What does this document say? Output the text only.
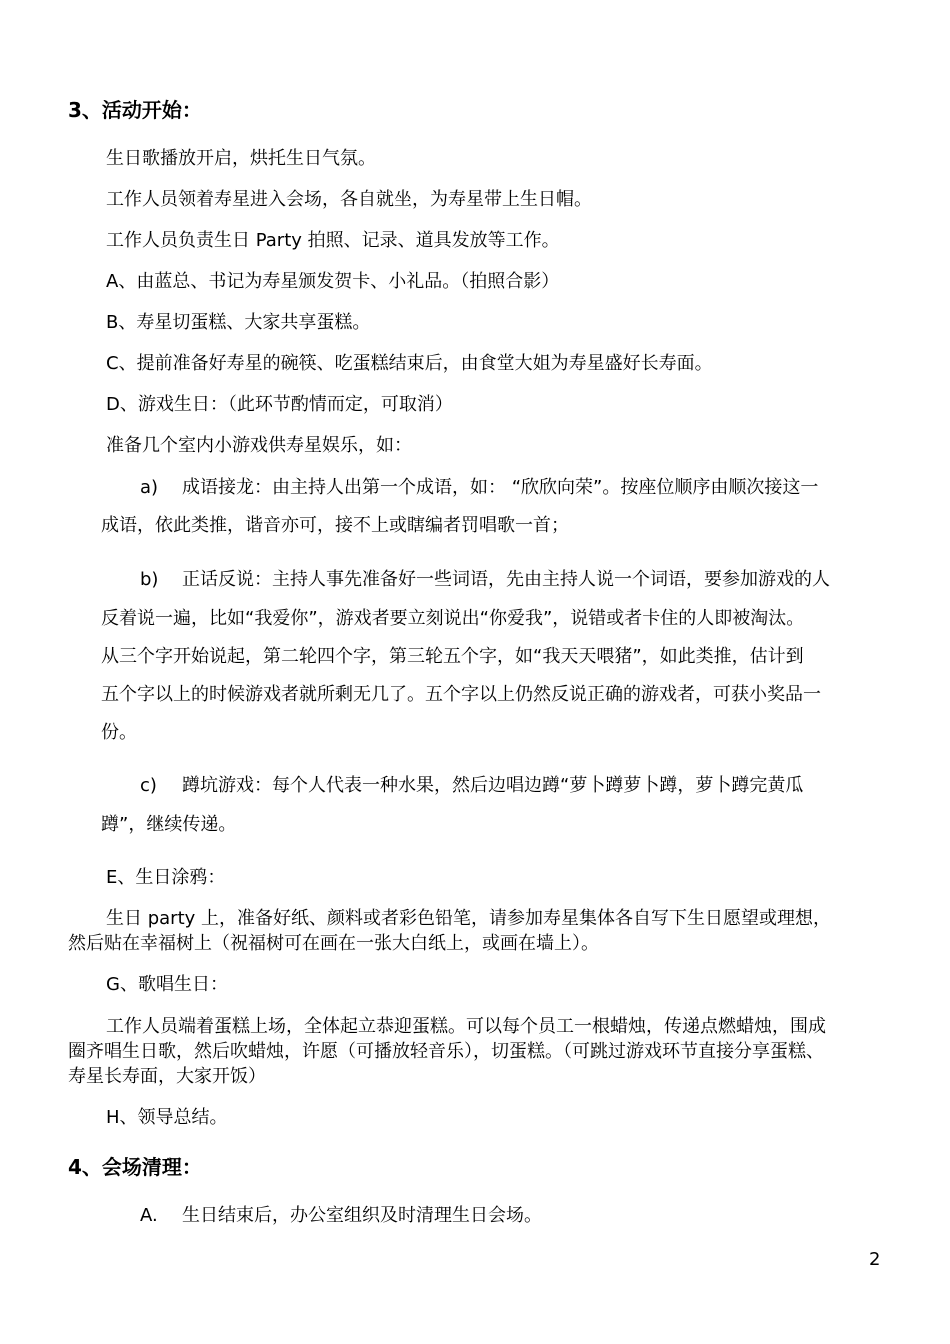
3、活动开始：
生日歌播放开启，烘托生日气氛。
工作人员领着寿星进入会场，各自就坐，为寿星带上生日帽。
工作人员负责生日 Party 拍照、记录、道具发放等工作。
A、由蓝总、书记为寿星颁发贺卡、小礼品。（拍照合影）
B、寿星切蛋糕、大家共享蛋糕。
C、提前准备好寿星的碗筷、吃蛋糕结束后，由食堂大姐为寿星盛好长寿面。
D、游戏生日：（此环节酌情而定，可取消）
准备几个室内小游戏供寿星娱乐，如：
a) 成语接龙：由主持人出第一个成语，如： “欣欣向荣”。按座位顺序由顺次接这一
成语，依此类推，谐音亦可，接不上或瞎编者罚唱歌一首；
b) 正话反说：主持人事先准备好一些词语，先由主持人说一个词语，要参加游戏的人
反着说一遍，比如“我爱你”，游戏者要立刻说出“你爱我”，说错或者卡住的人即被淘汰。
从三个字开始说起，第二轮四个字，第三轮五个字，如“我天天喂猪”，如此类推，估计到
五个字以上的时候游戏者就所剩无几了。五个字以上仍然反说正确的游戏者，可获小奖品一
份。
c) 蹲坑游戏：每个人代表一种水果，然后边唱边蹲“萝卜蹲萝卜蹲，萝卜蹲完黄瓜
蹲”，继续传递。
E、生日涂鸦：
生日 party 上，准备好纸、颜料或者彩色铅笔，请参加寿星集体各自写下生日愿望或理想，
然后贴在幸福树上（祝福树可在画在一张大白纸上，或画在墙上）。
G、歌唱生日：
工作人员端着蛋糕上场，全体起立恭迎蛋糕。可以每个员工一根蜡烛，传递点燃蜡烛，围成
圈齐唱生日歌，然后吹蜡烛，许愿（可播放轻音乐），切蛋糕。（可跳过游戏环节直接分享蛋糕、
寿星长寿面，大家开饭）
H、领导总结。
4、会场清理：
A. 生日结束后，办公室组织及时清理生日会场。
2
